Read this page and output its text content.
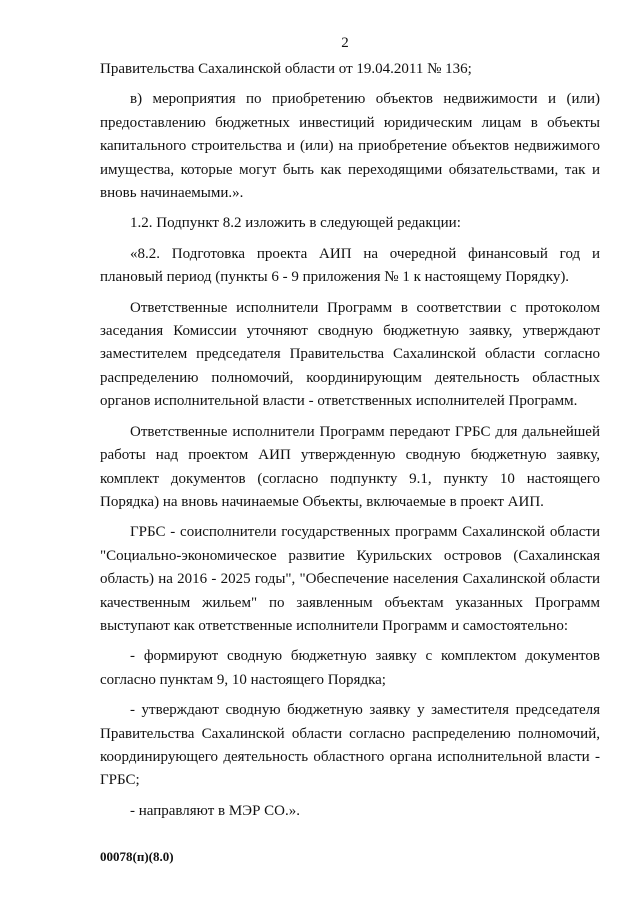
2

Правительства Сахалинской области от 19.04.2011 № 136;

в) мероприятия по приобретению объектов недвижимости и (или) предоставлению бюджетных инвестиций юридическим лицам в объекты капитального строительства и (или) на приобретение объектов недвижимого имущества, которые могут быть как переходящими обязательствами, так и вновь начинаемыми.».

1.2. Подпункт 8.2 изложить в следующей редакции:

«8.2. Подготовка проекта АИП на очередной финансовый год и плановый период (пункты 6 - 9 приложения № 1 к настоящему Порядку).

Ответственные исполнители Программ в соответствии с протоколом заседания Комиссии уточняют сводную бюджетную заявку, утверждают заместителем председателя Правительства Сахалинской области согласно распределению полномочий, координирующим деятельность областных органов исполнительной власти - ответственных исполнителей Программ.

Ответственные исполнители Программ передают ГРБС для дальнейшей работы над проектом АИП утвержденную сводную бюджетную заявку, комплект документов (согласно подпункту 9.1, пункту 10 настоящего Порядка) на вновь начинаемые Объекты, включаемые в проект АИП.

ГРБС - соисполнители государственных программ Сахалинской области "Социально-экономическое развитие Курильских островов (Сахалинская область) на 2016 - 2025 годы", "Обеспечение населения Сахалинской области качественным жильем" по заявленным объектам указанных Программ выступают как ответственные исполнители Программ и самостоятельно:

- формируют сводную бюджетную заявку с комплектом документов согласно пунктам 9, 10 настоящего Порядка;

- утверждают сводную бюджетную заявку у заместителя председателя Правительства Сахалинской области согласно распределению полномочий, координирующего деятельность областного органа исполнительной власти - ГРБС;

- направляют в МЭР СО.».

00078(п)(8.0)
